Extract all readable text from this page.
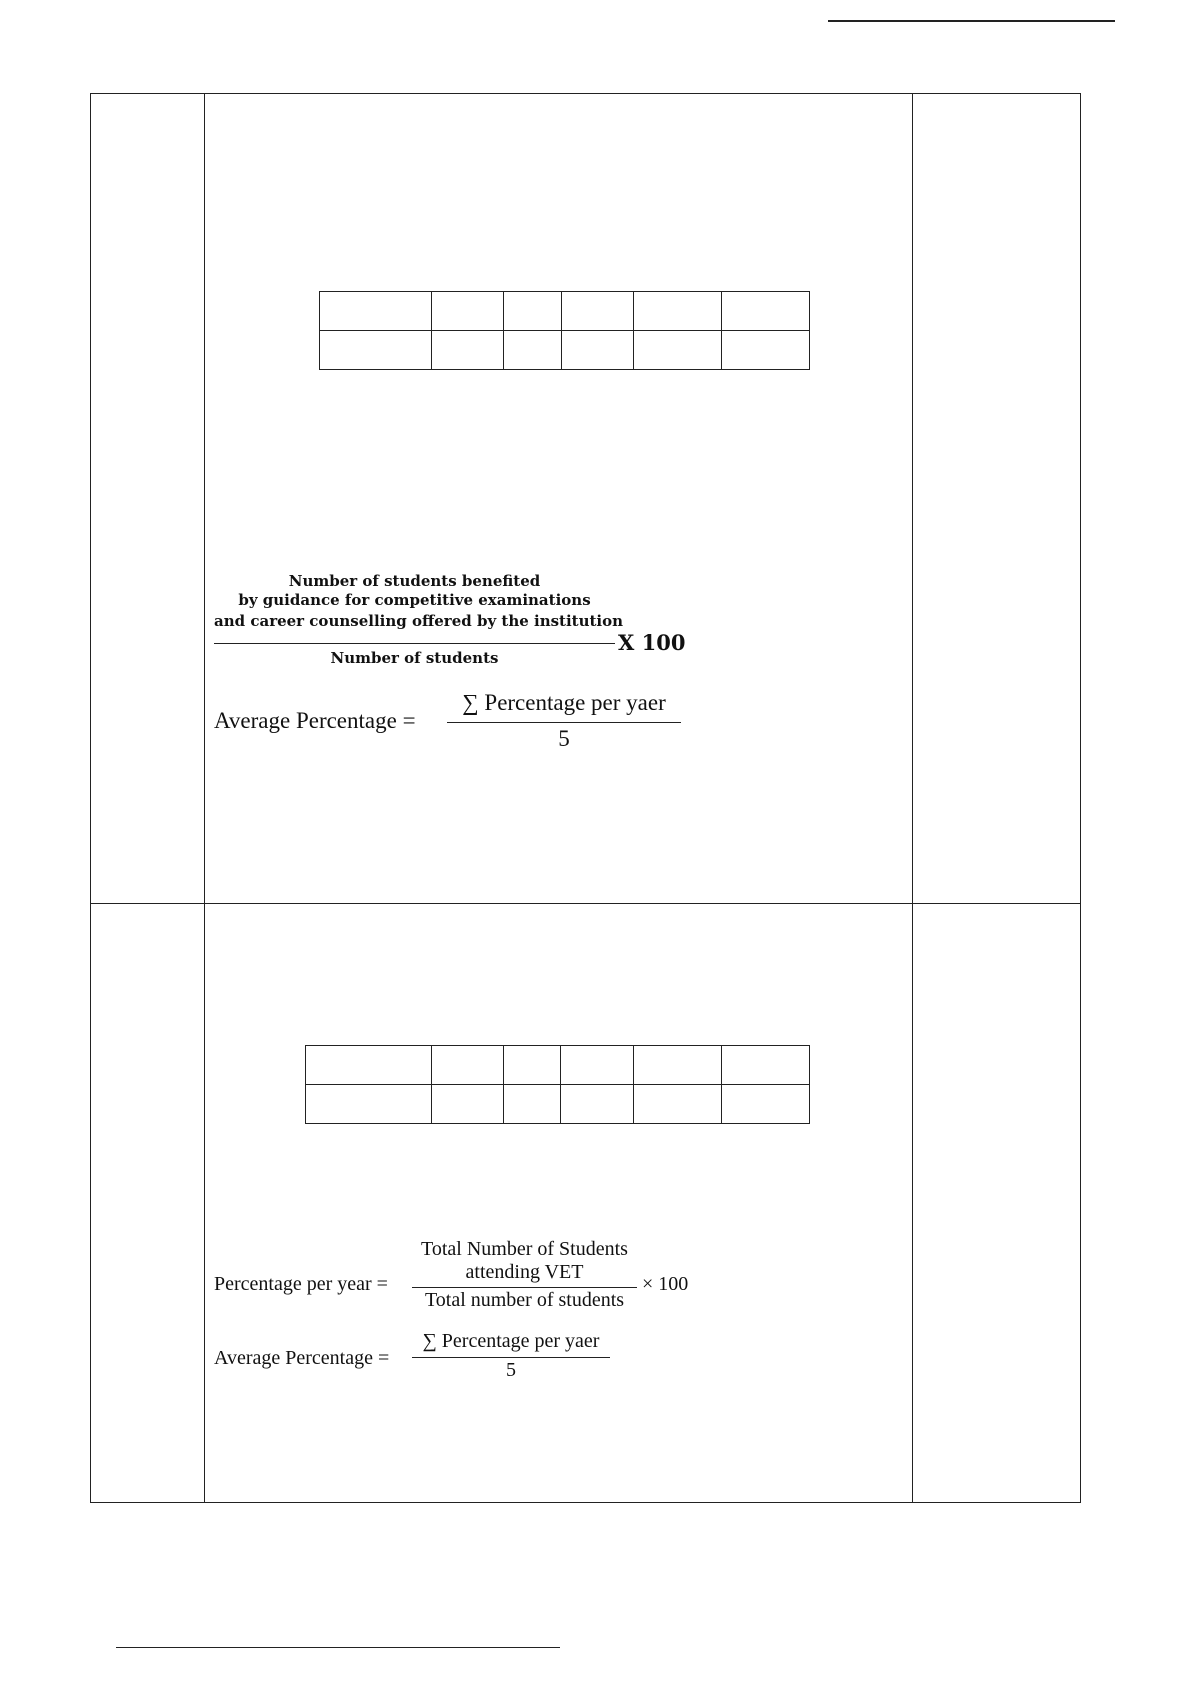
Number of students benefited
by guidance for competitive examinations
and career counselling offered by the institution
Number of students
X 100
Average Percentage =
∑ Percentage per yaer
5

Percentage per year =
Total Number of Students
attending VET
Total number of students
× 100
Average Percentage =
∑ Percentage per yaer
5
